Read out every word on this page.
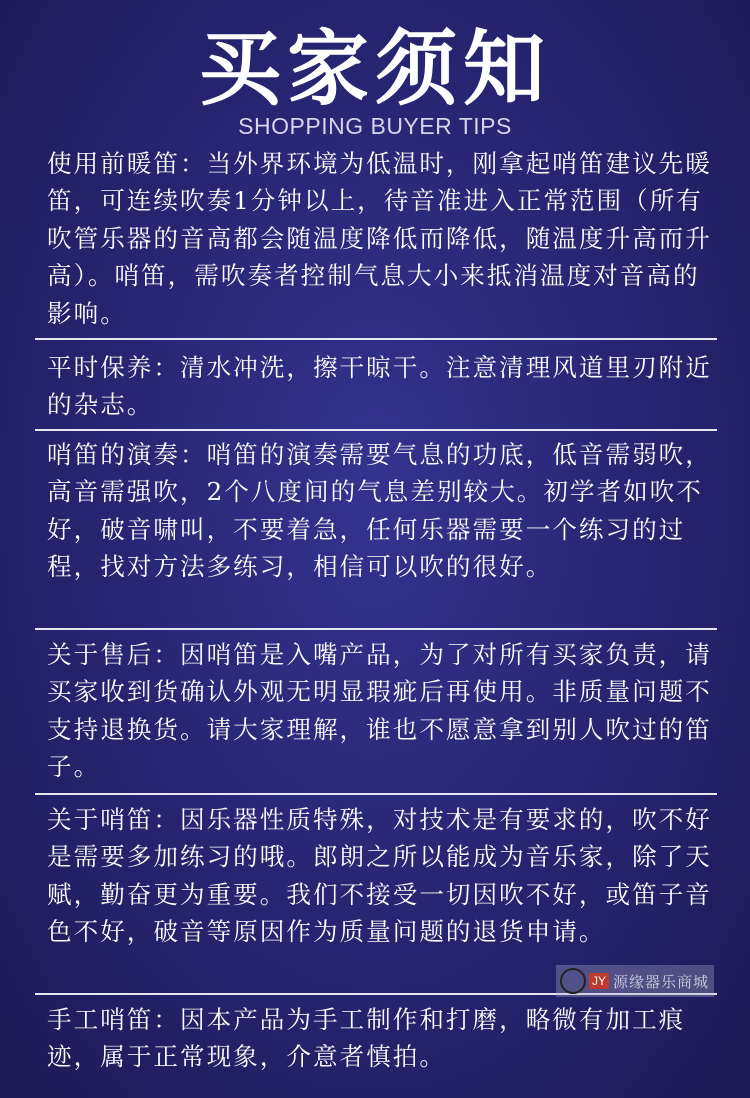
买家须知
SHOPPING BUYER TIPS

使用前暖笛：当外界环境为低温时，刚拿起哨笛建议先暖笛，可连续吹奏1分钟以上，待音准进入正常范围（所有吹管乐器的音高都会随温度降低而降低，随温度升高而升高）。哨笛，需吹奏者控制气息大小来抵消温度对音高的影响。

平时保养：清水冲洗，擦干晾干。注意清理风道里刃附近的杂志。

哨笛的演奏：哨笛的演奏需要气息的功底，低音需弱吹，高音需强吹，2个八度间的气息差别较大。初学者如吹不好，破音啸叫，不要着急，任何乐器需要一个练习的过程，找对方法多练习，相信可以吹的很好。

关于售后：因哨笛是入嘴产品，为了对所有买家负责，请买家收到货确认外观无明显瑕疵后再使用。非质量问题不支持退换货。请大家理解，谁也不愿意拿到别人吹过的笛子。

关于哨笛：因乐器性质特殊，对技术是有要求的，吹不好是需要多加练习的哦。郎朗之所以能成为音乐家，除了天赋，勤奋更为重要。我们不接受一切因吹不好，或笛子音色不好，破音等原因作为质量问题的退货申请。

手工哨笛：因本产品为手工制作和打磨，略微有加工痕迹，属于正常现象，介意者慎拍。

JY 源缘器乐商城
